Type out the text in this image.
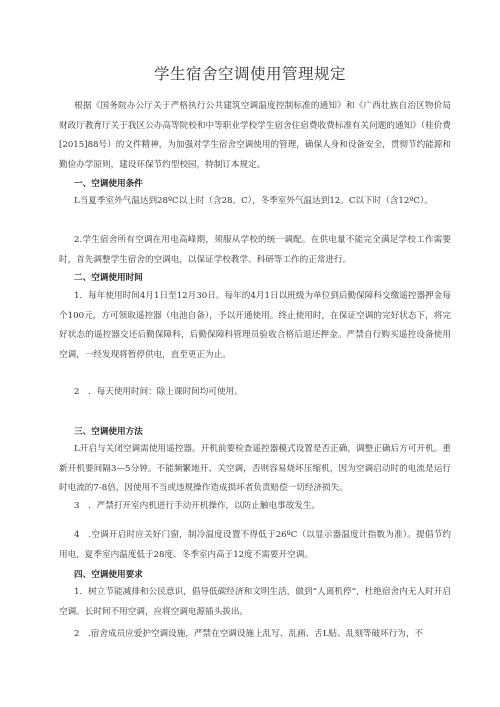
学生宿舍空调使用管理规定
根据《国务院办公厅关于严格执行公共建筑空调温度控制标准的通知》和《广西壮族自治区物价局财政厅教育厅关于我区公办高等院校和中等职业学校学生宿舍住宿费收费标准有关问题的通知》（桂价费[2015]88号）的文件精神，为加强对学生宿舍空调使用的管理，确保人身和设备安全，贯彻节约能源和勤俭办学原则，建设环保节约型校园，特制订本规定。
一、空调使用条件
L当夏季室外气温达到28ºC以上时（含28。C），冬季室外气温达到12。C以下时（含12ºC）。
2.学生宿舍所有空调在用电高峰期，须服从学校的统一调配。在供电量不能完全满足学校工作需要时，首先调整学生宿舍的空调电，以保证学校教学、科研等工作的正常进行。
二、空调使用时间
1．每年使用时间4月1日至12月30日。每年的4月1日以班级为单位到后勤保障科交缴遥控器押金每个100元，方可领取遥控器（电池自备），予以开通使用。终止使用时，在保证空调的完好状态下，将完好状态的遥控器交还后勤保障科，后勤保障科管理员验收合格后退还押金。严禁自行购买遥控设备使用空调，一经发现将暂停供电，直至更正为止。
2　．每天使用时间：除上课时间均可使用。
三、空调使用方法
L开启与关闭空调需使用遥控器。开机前要检查遥控器模式设置是否正确，调整正确后方可开机。重新开机要间隔3—5分钟。不能频繁地开、关空调，否则容易烧坏压缩机，因为空调启动时的电流是运行时电流的7-8倍，因使用不当或违规操作造成损坏者负责赔偿一切经济损失。
3　．严禁打开室内机进行手动开机操作，以防止触电事故发生。
4　.空调开启时应关好门窗，制冷温度设置不得低于26ºC（以显示器温度计指数为准）。提倡节约用电，夏季室内温度低于28度、冬季室内高于12度不需要开空调。
四、空调使用要求
1．树立节能减排和公民意识，倡导低碳经济和文明生活，做到“人离机停”，杜绝宿舍内无人时开启空调。长时间不用空调，应将空调电源插头拔出。
2　.宿舍成员应爱护空调设施，严禁在空调设施上乱写、乱画、舌L贴、乱刻等破坏行为，不
